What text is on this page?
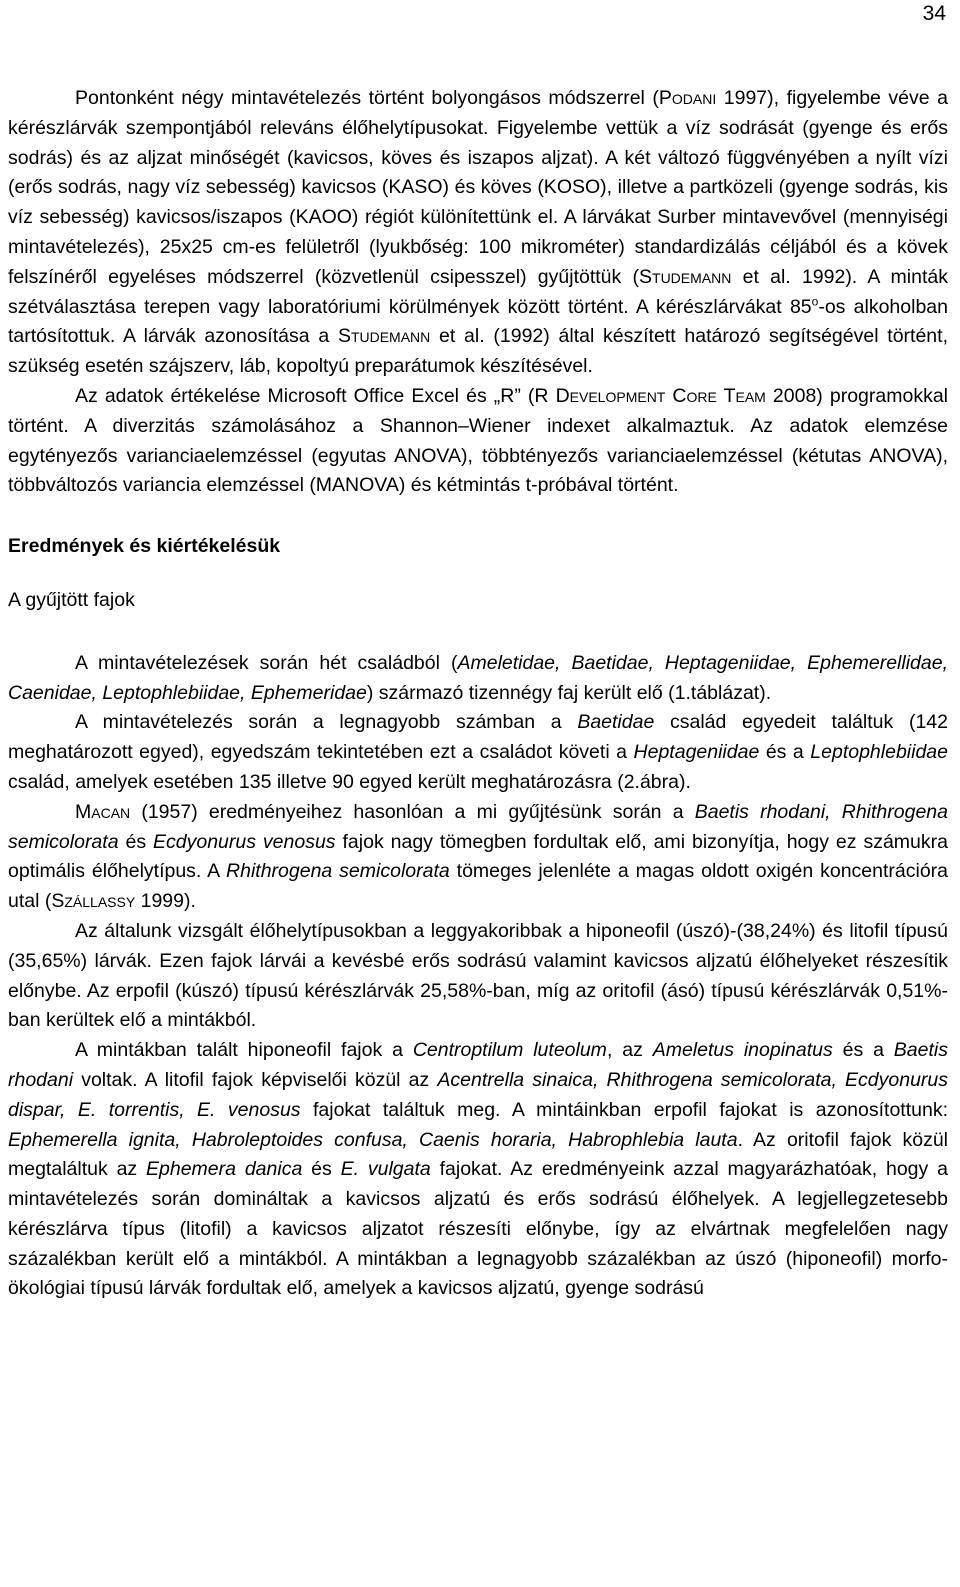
34

Pontonként négy mintavételezés történt bolyongásos módszerrel (Podani 1997), figyelembe véve a kérészlárvák szempontjából releváns élőhelytípusokat. Figyelembe vettük a víz sodrását (gyenge és erős sodrás) és az aljzat minőségét (kavicsos, köves és iszapos aljzat). A két változó függvényében a nyílt vízi (erős sodrás, nagy víz sebesség) kavicsos (KASO) és köves (KOSO), illetve a partközeli (gyenge sodrás, kis víz sebesség) kavicsos/iszapos (KAOO) régiót különítettünk el. A lárvákat Surber mintavevővel (mennyiségi mintavételezés), 25x25 cm-es felületről (lyukbőség: 100 mikrométer) standardizálás céljából és a kövek felszínéről egyeléses módszerrel (közvetlenül csipesszel) gyűjtöttük (Studemann et al. 1992). A minták szétválasztása terepen vagy laboratóriumi körülmények között történt. A kérészlárvákat 85$^o$-os alkoholban tartósítottuk. A lárvák azonosítása a Studemann et al. (1992) által készített határozó segítségével történt, szükség esetén szájszerv, láb, kopoltyú preparátumok készítésével.

Az adatok értékelése Microsoft Office Excel és „R” (R Development Core Team 2008) programokkal történt. A diverzitás számolásához a Shannon–Wiener indexet alkalmaztuk. Az adatok elemzése egytényezős varianciaelemzéssel (egyutas ANOVA), többtényezős varianciaelemzéssel (kétutas ANOVA), többváltozós variancia elemzéssel (MANOVA) és kétmintás t-próbával történt.

Eredmények és kiértékelésük
A gyűjtött fajok

A mintavételezések során hét családból (Ameletidae, Baetidae, Heptageniidae, Ephemerellidae, Caenidae, Leptophlebiidae, Ephemeridae) származó tizennégy faj került elő (1.táblázat).

A mintavételezés során a legnagyobb számban a Baetidae család egyedeit találtuk (142 meghatározott egyed), egyedszám tekintetében ezt a családot követi a Heptageniidae és a Leptophlebiidae család, amelyek esetében 135 illetve 90 egyed került meghatározásra (2.ábra).

Macan (1957) eredményeihez hasonlóan a mi gyűjtésünk során a Baetis rhodani, Rhithrogena semicolorata és Ecdyonurus venosus fajok nagy tömegben fordultak elő, ami bizonyítja, hogy ez számukra optimális élőhelytípus. A Rhithrogena semicolorata tömeges jelenléte a magas oldott oxigén koncentrációra utal (Szállassy 1999).

Az általunk vizsgált élőhelytípusokban a leggyakoribbak a hiponeofil (úszó)-(38,24%) és litofil típusú (35,65%) lárvák. Ezen fajok lárvái a kevésbé erős sodrású valamint kavicsos aljzatú élőhelyeket részesítik előnybe. Az erpofil (kúszó) típusú kérészlárvák 25,58%-ban, míg az oritofil (ásó) típusú kérészlárvák 0,51%-ban kerültek elő a mintákból.

A mintákban talált hiponeofil fajok a Centroptilum luteolum, az Ameletus inopinatus és a Baetis rhodani voltak. A litofil fajok képviselői közül az Acentrella sinaica, Rhithrogena semicolorata, Ecdyonurus dispar, E. torrentis, E. venosus fajokat találtuk meg. A mintáinkban erpofil fajokat is azonosítottunk: Ephemerella ignita, Habroleptoides confusa, Caenis horaria, Habrophlebia lauta. Az oritofil fajok közül megtaláltuk az Ephemera danica és E. vulgata fajokat. Az eredményeink azzal magyarázhatóak, hogy a mintavételezés során domináltak a kavicsos aljzatú és erős sodrású élőhelyek. A legjellegzetesebb kérészlárva típus (litofil) a kavicsos aljzatot részesíti előnybe, így az elvártnak megfelelően nagy százalékban került elő a mintákból. A mintákban a legnagyobb százalékban az úszó (hiponeofil) morfo-ökológiai típusú lárvák fordultak elő, amelyek a kavicsos aljzatú, gyenge sodrású
